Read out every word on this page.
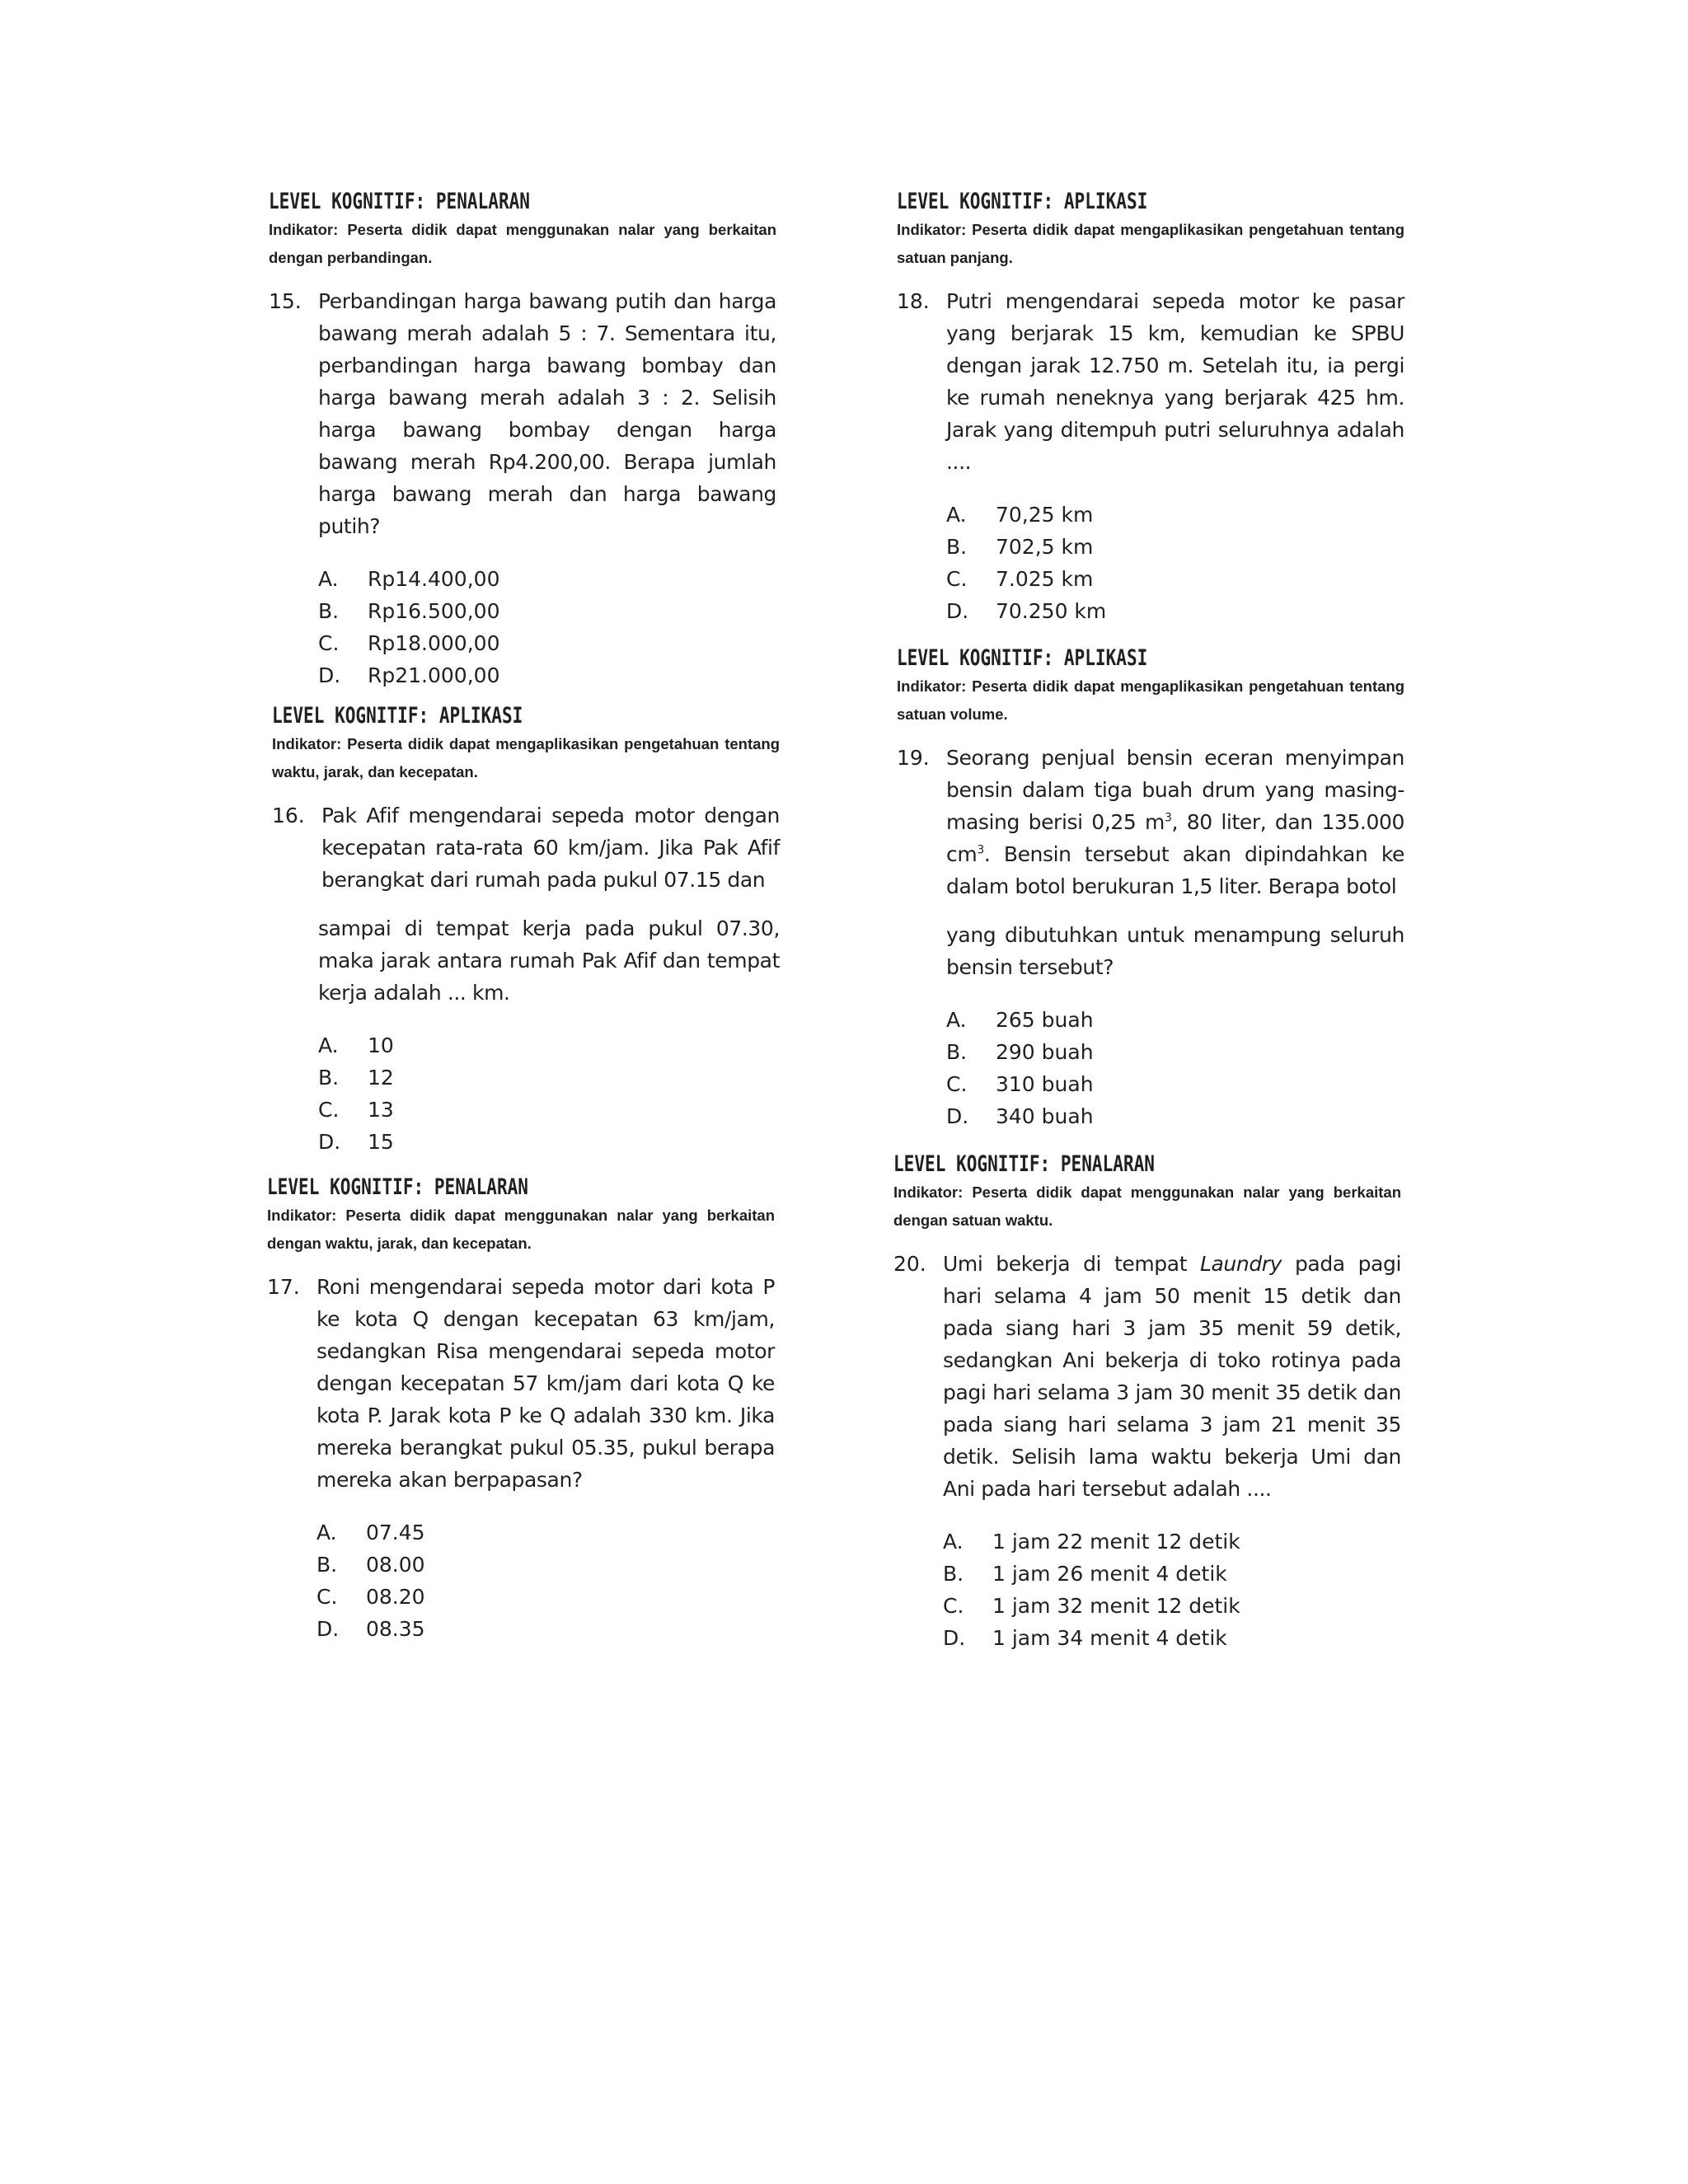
LEVEL KOGNITIF: PENALARAN

Indikator: Peserta didik dapat menggunakan nalar yang berkaitan dengan perbandingan.

15. Perbandingan harga bawang putih dan harga bawang merah adalah 5 : 7. Sementara itu, perbandingan harga bawang bombay dan harga bawang merah adalah 3 : 2. Selisih harga bawang bombay dengan harga bawang merah Rp4.200,00. Berapa jumlah harga bawang merah dan harga bawang putih?
A.	Rp14.400,00
B.	Rp16.500,00
C.	Rp18.000,00
D.	Rp21.000,00

LEVEL KOGNITIF: APLIKASI

Indikator: Peserta didik dapat mengaplikasikan pengetahuan tentang waktu, jarak, dan kecepatan.

16. Pak Afif mengendarai sepeda motor dengan kecepatan rata-rata 60 km/jam. Jika Pak Afif berangkat dari rumah pada pukul 07.15 dan
sampai di tempat kerja pada pukul 07.30, maka jarak antara rumah Pak Afif dan tempat kerja adalah ... km.
A.	10
B.	12
C.	13
D.	15

LEVEL KOGNITIF: PENALARAN

Indikator: Peserta didik dapat menggunakan nalar yang berkaitan dengan waktu, jarak, dan kecepatan.

17. Roni mengendarai sepeda motor dari kota P ke kota Q dengan kecepatan 63 km/jam, sedangkan Risa mengendarai sepeda motor dengan kecepatan 57 km/jam dari kota Q ke kota P. Jarak kota P ke Q adalah 330 km. Jika mereka berangkat pukul 05.35, pukul berapa mereka akan berpapasan?
A.	07.45
B.	08.00
C.	08.20
D.	08.35

LEVEL KOGNITIF: APLIKASI

Indikator: Peserta didik dapat mengaplikasikan pengetahuan tentang satuan panjang.

18. Putri mengendarai sepeda motor ke pasar yang berjarak 15 km, kemudian ke SPBU dengan jarak 12.750 m. Setelah itu, ia pergi ke rumah neneknya yang berjarak 425 hm. Jarak yang ditempuh putri seluruhnya adalah ....
A.	70,25 km
B.	702,5 km
C.	7.025 km
D.	70.250 km

LEVEL KOGNITIF: APLIKASI

Indikator: Peserta didik dapat mengaplikasikan pengetahuan tentang satuan volume.

19. Seorang penjual bensin eceran menyimpan bensin dalam tiga buah drum yang masing-masing berisi 0,25 $m^3$, 80 liter, dan 135.000 $cm^3$. Bensin tersebut akan dipindahkan ke dalam botol berukuran 1,5 liter. Berapa botol
yang dibutuhkan untuk menampung seluruh bensin tersebut?
A.	265 buah
B.	290 buah
C.	310 buah
D.	340 buah

LEVEL KOGNITIF: PENALARAN

Indikator: Peserta didik dapat menggunakan nalar yang berkaitan dengan satuan waktu.

20. Umi bekerja di tempat Laundry pada pagi hari selama 4 jam 50 menit 15 detik dan pada siang hari 3 jam 35 menit 59 detik, sedangkan Ani bekerja di toko rotinya pada pagi hari selama 3 jam 30 menit 35 detik dan pada siang hari selama 3 jam 21 menit 35 detik. Selisih lama waktu bekerja Umi dan Ani pada hari tersebut adalah ....
A.	1 jam 22 menit 12 detik
B.	1 jam 26 menit 4 detik
C.	1 jam 32 menit 12 detik
D.	1 jam 34 menit 4 detik
